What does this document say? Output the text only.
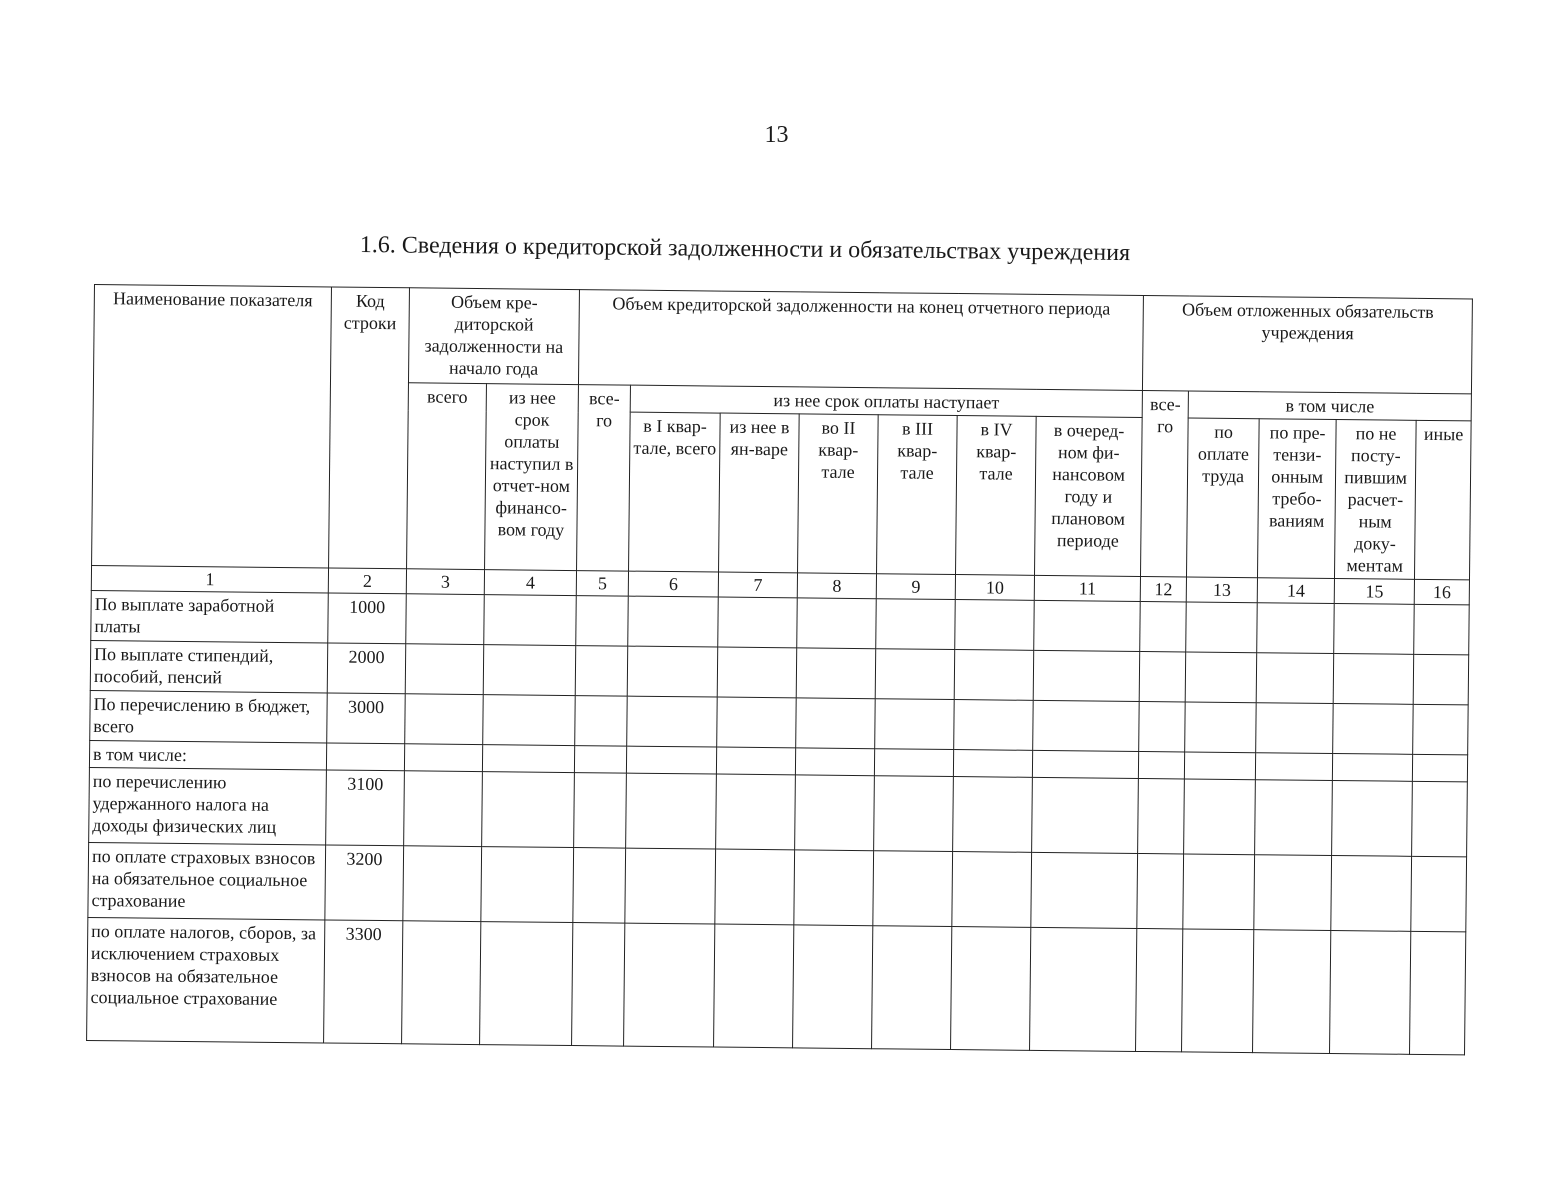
13
1.6. Сведения о кредиторской задолженности и обязательствах учреждения
Наименование показателя	Код строки	Объем кре-диторской задолженности на начало года		Объем кредиторской задолженности на конец отчетного периода							Объем отложенных обязательств учреждения				
		всего	из нее срок оплаты наступил в отчет-ном финансо-вом году	все-го	из нее срок оплаты наступает						все-го	в том числе			
					в I квар-тале, всего	из нее в ян-варе	во II квар-тале	в III квар-тале	в IV квар-тале	в очеред-ном фи-нансовом году и плановом периоде		по оплате труда	по пре-тензи-онным требо-ваниям	по не посту-пившим расчет-ным доку-ментам	иные

1	2	3	4	5	6	7	8	9	10	11	12	13	14	15	16
По выплате заработной платы	1000														
По выплате стипендий, пособий, пенсий	2000														
По перечислению в бюджет, всего	3000														
в том числе:															
по перечислению удержанного налога на доходы физических лиц	3100														
по оплате страховых взносов на обязательное социальное страхование	3200														
по оплате налогов, сборов, за исключением страховых взносов на обязательное социальное страхование	3300														
